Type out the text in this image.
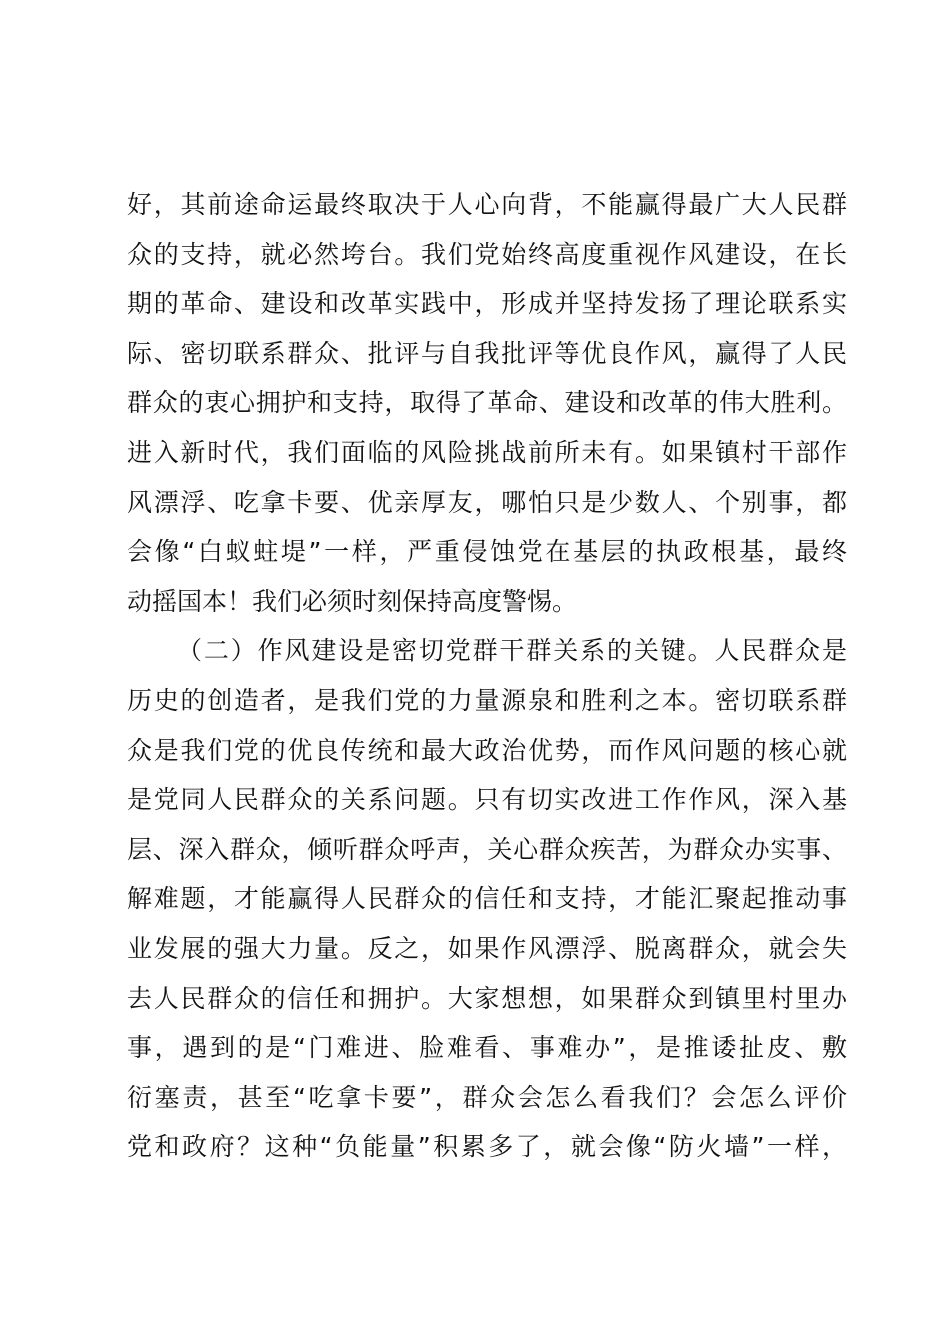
好，其前途命运最终取决于人心向背，不能赢得最广大人民群
众的支持，就必然垮台。我们党始终高度重视作风建设，在长
期的革命、建设和改革实践中，形成并坚持发扬了理论联系实
际、密切联系群众、批评与自我批评等优良作风，赢得了人民
群众的衷心拥护和支持，取得了革命、建设和改革的伟大胜利。
进入新时代，我们面临的风险挑战前所未有。如果镇村干部作
风漂浮、吃拿卡要、优亲厚友，哪怕只是少数人、个别事，都
会像“白蚁蛀堤”一样，严重侵蚀党在基层的执政根基，最终
动摇国本！我们必须时刻保持高度警惕。
（二）作风建设是密切党群干群关系的关键。人民群众是
历史的创造者，是我们党的力量源泉和胜利之本。密切联系群
众是我们党的优良传统和最大政治优势，而作风问题的核心就
是党同人民群众的关系问题。只有切实改进工作作风，深入基
层、深入群众，倾听群众呼声，关心群众疾苦，为群众办实事、
解难题，才能赢得人民群众的信任和支持，才能汇聚起推动事
业发展的强大力量。反之，如果作风漂浮、脱离群众，就会失
去人民群众的信任和拥护。大家想想，如果群众到镇里村里办
事，遇到的是“门难进、脸难看、事难办”，是推诿扯皮、敷
衍塞责，甚至“吃拿卡要”，群众会怎么看我们？会怎么评价
党和政府？这种“负能量”积累多了，就会像“防火墙”一样，
